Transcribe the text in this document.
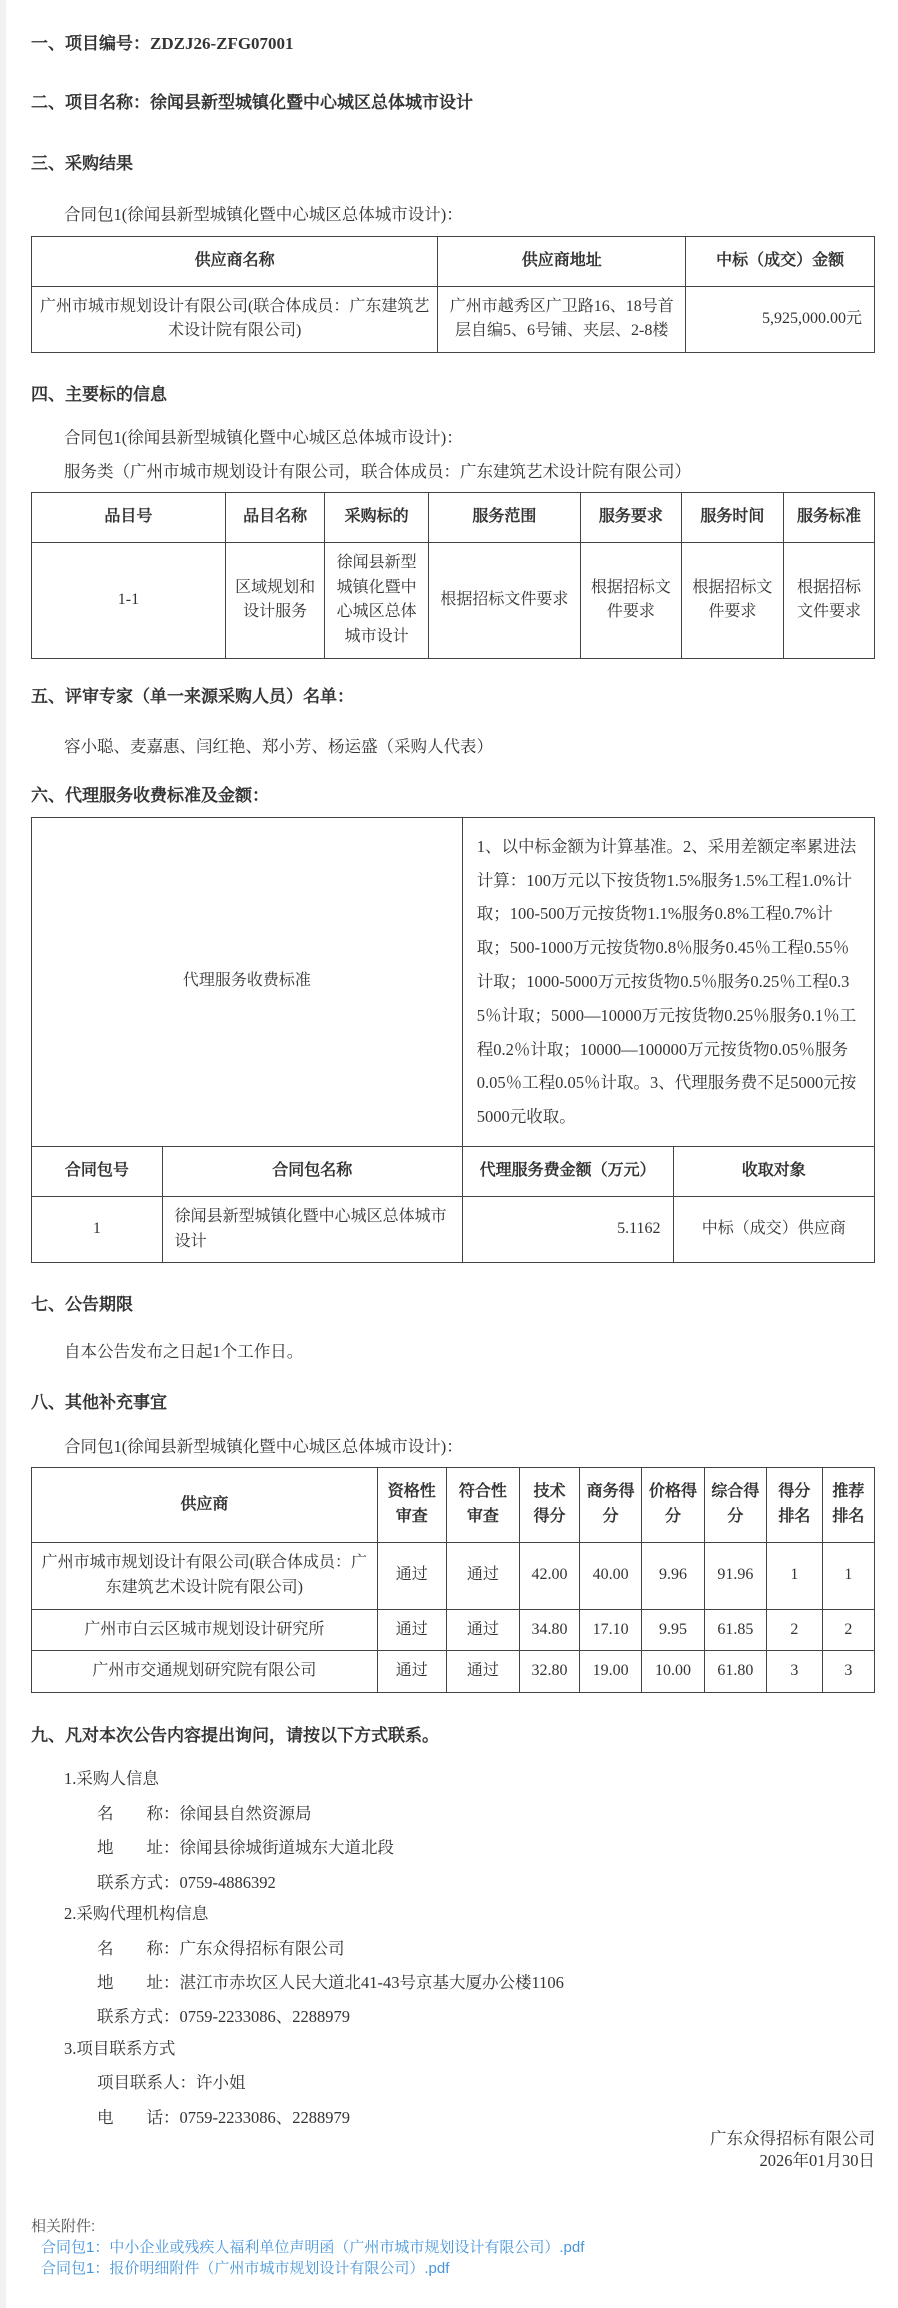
一、项目编号：ZDZJ26-ZFG07001

二、项目名称：徐闻县新型城镇化暨中心城区总体城市设计

三、采购结果

合同包1(徐闻县新型城镇化暨中心城区总体城市设计)：

供应商名称	供应商地址	中标（成交）金额
广州市城市规划设计有限公司(联合体成员：广东建筑艺术设计院有限公司)	广州市越秀区广卫路16、18号首层自编5、6号铺、夹层、2-8楼	5,925,000.00元

四、主要标的信息

合同包1(徐闻县新型城镇化暨中心城区总体城市设计)：

服务类（广州市城市规划设计有限公司，联合体成员：广东建筑艺术设计院有限公司）

品目号	品目名称	采购标的	服务范围	服务要求	服务时间	服务标准
1-1	区域规划和设计服务	徐闻县新型城镇化暨中心城区总体城市设计	根据招标文件要求	根据招标文件要求	根据招标文件要求	根据招标文件要求

五、评审专家（单一来源采购人员）名单：

容小聪、麦嘉惠、闫红艳、郑小芳、杨运盛（采购人代表）

六、代理服务收费标准及金额：

代理服务收费标准		1、以中标金额为计算基准。2、采用差额定率累进法计算：100万元以下按货物1.5%服务1.5%工程1.0%计取；100-500万元按货物1.1%服务0.8%工程0.7%计取；500-1000万元按货物0.8％服务0.45％工程0.55％计取；1000-5000万元按货物0.5％服务0.25％工程0.35％计取；5000—10000万元按货物0.25％服务0.1％工程0.2％计取；10000—100000万元按货物0.05％服务0.05％工程0.05％计取。3、代理服务费不足5000元按5000元收取。	
合同包号	合同包名称	代理服务费金额（万元）	收取对象
1	徐闻县新型城镇化暨中心城区总体城市设计	5.1162	中标（成交）供应商

七、公告期限

自本公告发布之日起1个工作日。

八、其他补充事宜

合同包1(徐闻县新型城镇化暨中心城区总体城市设计)：

供应商	资格性审查	符合性审查	技术得分	商务得分	价格得分	综合得分	得分排名	推荐排名
广州市城市规划设计有限公司(联合体成员：广东建筑艺术设计院有限公司)	通过	通过	42.00	40.00	9.96	91.96	1	1
广州市白云区城市规划设计研究所	通过	通过	34.80	17.10	9.95	61.85	2	2
广州市交通规划研究院有限公司	通过	通过	32.80	19.00	10.00	61.80	3	3

九、凡对本次公告内容提出询问，请按以下方式联系。

1.采购人信息

名　　称：徐闻县自然资源局

地　　址：徐闻县徐城街道城东大道北段

联系方式：0759-4886392

2.采购代理机构信息

名　　称：广东众得招标有限公司

地　　址：湛江市赤坎区人民大道北41-43号京基大厦办公楼1106

联系方式：0759-2233086、2288979

3.项目联系方式

项目联系人：许小姐

电　　话：0759-2233086、2288979

广东众得招标有限公司

2026年01月30日

相关附件:

合同包1：中小企业或残疾人福利单位声明函（广州市城市规划设计有限公司）.pdf
合同包1：报价明细附件（广州市城市规划设计有限公司）.pdf
